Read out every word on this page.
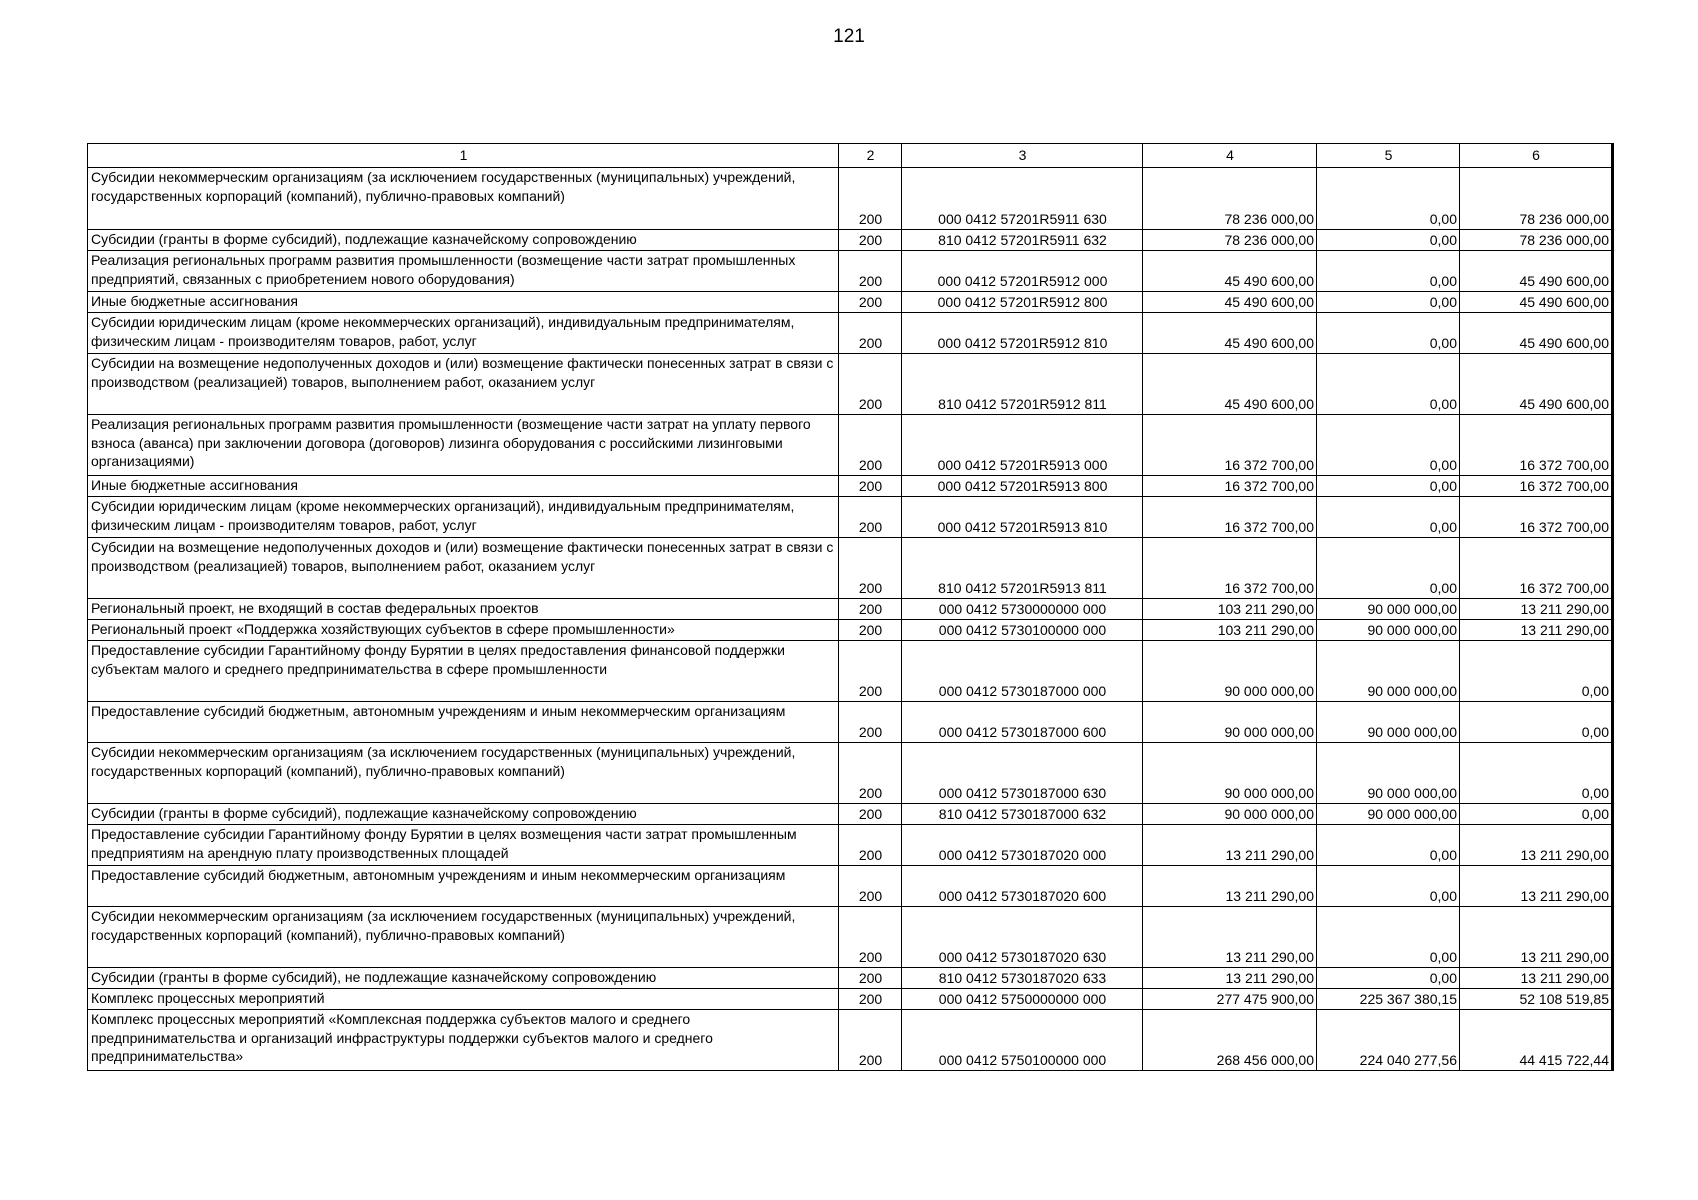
121
1	2	3	4	5	6
Субсидии некоммерческим организациям (за исключением государственных (муниципальных) учреждений, государственных корпораций (компаний), публично-правовых компаний)	200	000 0412 57201R5911 630	78 236 000,00	0,00	78 236 000,00
Субсидии (гранты в форме субсидий), подлежащие казначейскому сопровождению	200	810 0412 57201R5911 632	78 236 000,00	0,00	78 236 000,00
Реализация региональных программ развития промышленности (возмещение части затрат промышленных предприятий, связанных с приобретением нового оборудования)	200	000 0412 57201R5912 000	45 490 600,00	0,00	45 490 600,00
Иные бюджетные ассигнования	200	000 0412 57201R5912 800	45 490 600,00	0,00	45 490 600,00
Субсидии юридическим лицам (кроме некоммерческих организаций), индивидуальным предпринимателям, физическим лицам - производителям товаров, работ, услуг	200	000 0412 57201R5912 810	45 490 600,00	0,00	45 490 600,00
Субсидии на возмещение недополученных доходов и (или) возмещение фактически понесенных затрат в связи с производством (реализацией) товаров, выполнением работ, оказанием услуг	200	810 0412 57201R5912 811	45 490 600,00	0,00	45 490 600,00
Реализация региональных программ развития промышленности (возмещение части затрат на уплату первого взноса (аванса) при заключении договора (договоров) лизинга оборудования с российскими лизинговыми организациями)	200	000 0412 57201R5913 000	16 372 700,00	0,00	16 372 700,00
Иные бюджетные ассигнования	200	000 0412 57201R5913 800	16 372 700,00	0,00	16 372 700,00
Субсидии юридическим лицам (кроме некоммерческих организаций), индивидуальным предпринимателям, физическим лицам - производителям товаров, работ, услуг	200	000 0412 57201R5913 810	16 372 700,00	0,00	16 372 700,00
Субсидии на возмещение недополученных доходов и (или) возмещение фактически понесенных затрат в связи с производством (реализацией) товаров, выполнением работ, оказанием услуг	200	810 0412 57201R5913 811	16 372 700,00	0,00	16 372 700,00
Региональный проект, не входящий в состав федеральных проектов	200	000 0412 5730000000 000	103 211 290,00	90 000 000,00	13 211 290,00
Региональный проект «Поддержка хозяйствующих субъектов в сфере промышленности»	200	000 0412 5730100000 000	103 211 290,00	90 000 000,00	13 211 290,00
Предоставление субсидии Гарантийному фонду Бурятии в целях предоставления финансовой поддержки субъектам малого и среднего предпринимательства в сфере промышленности	200	000 0412 5730187000 000	90 000 000,00	90 000 000,00	0,00
Предоставление субсидий бюджетным, автономным учреждениям и иным некоммерческим организациям	200	000 0412 5730187000 600	90 000 000,00	90 000 000,00	0,00
Субсидии некоммерческим организациям (за исключением государственных (муниципальных) учреждений, государственных корпораций (компаний), публично-правовых компаний)	200	000 0412 5730187000 630	90 000 000,00	90 000 000,00	0,00
Субсидии (гранты в форме субсидий), подлежащие казначейскому сопровождению	200	810 0412 5730187000 632	90 000 000,00	90 000 000,00	0,00
Предоставление субсидии Гарантийному фонду Бурятии в целях возмещения части затрат промышленным предприятиям на арендную плату производственных площадей	200	000 0412 5730187020 000	13 211 290,00	0,00	13 211 290,00
Предоставление субсидий бюджетным, автономным учреждениям и иным некоммерческим организациям	200	000 0412 5730187020 600	13 211 290,00	0,00	13 211 290,00
Субсидии некоммерческим организациям (за исключением государственных (муниципальных) учреждений, государственных корпораций (компаний), публично-правовых компаний)	200	000 0412 5730187020 630	13 211 290,00	0,00	13 211 290,00
Субсидии (гранты в форме субсидий), не подлежащие казначейскому сопровождению	200	810 0412 5730187020 633	13 211 290,00	0,00	13 211 290,00
Комплекс процессных мероприятий	200	000 0412 5750000000 000	277 475 900,00	225 367 380,15	52 108 519,85
Комплекс процессных мероприятий «Комплексная поддержка субъектов малого и среднего предпринимательства и организаций инфраструктуры поддержки субъектов малого и среднего предпринимательства»	200	000 0412 5750100000 000	268 456 000,00	224 040 277,56	44 415 722,44
